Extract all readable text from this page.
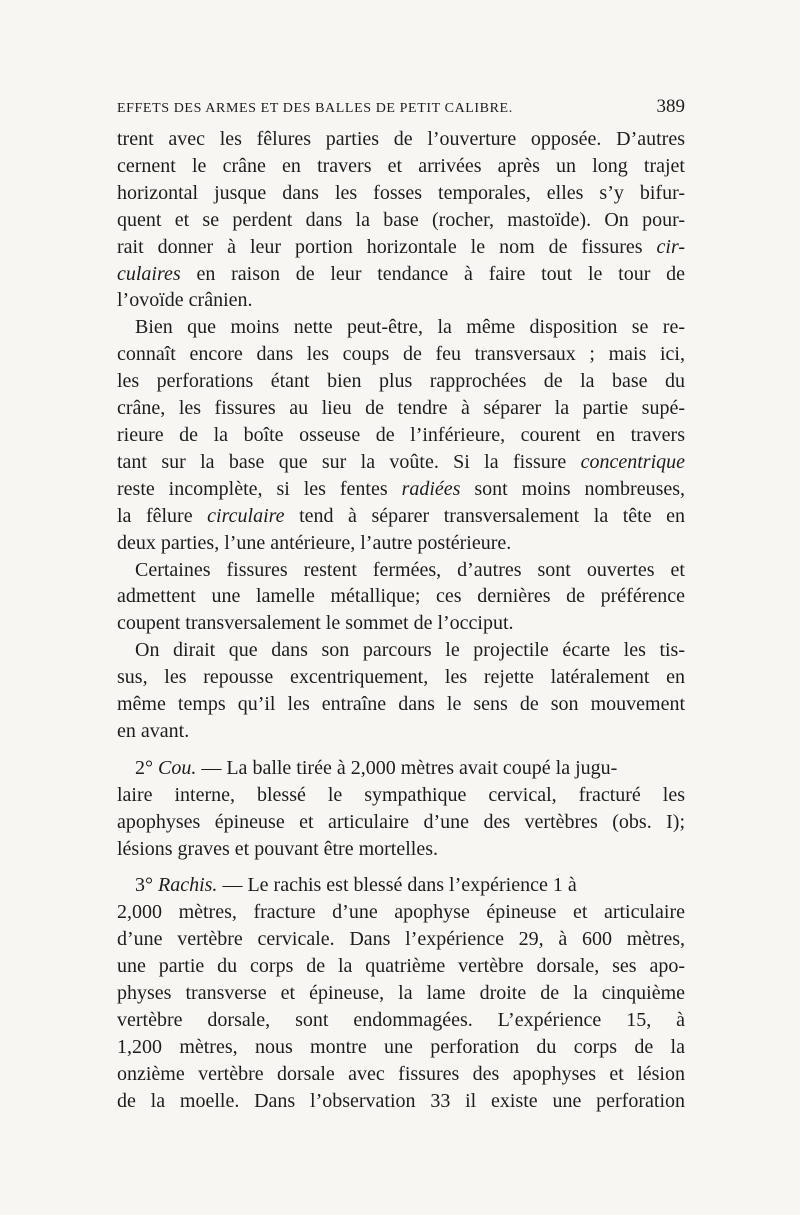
EFFETS DES ARMES ET DES BALLES DE PETIT CALIBRE.	389
trent avec les fêlures parties de l’ouverture opposée. D’autres
cernent le crâne en travers et arrivées après un long trajet
horizontal jusque dans les fosses temporales, elles s’y bifur-
quent et se perdent dans la base (rocher, mastoïde). On pour-
rait donner à leur portion horizontale le nom de fissures cir-
culaires en raison de leur tendance à faire tout le tour de
l’ovoïde crânien.
Bien que moins nette peut-être, la même disposition se re-
connaît encore dans les coups de feu transversaux ; mais ici,
les perforations étant bien plus rapprochées de la base du
crâne, les fissures au lieu de tendre à séparer la partie supé-
rieure de la boîte osseuse de l’inférieure, courent en travers
tant sur la base que sur la voûte. Si la fissure concentrique
reste incomplète, si les fentes radiées sont moins nombreuses,
la fêlure circulaire tend à séparer transversalement la tête en
deux parties, l’une antérieure, l’autre postérieure.
Certaines fissures restent fermées, d’autres sont ouvertes et
admettent une lamelle métallique; ces dernières de préférence
coupent transversalement le sommet de l’occiput.
On dirait que dans son parcours le projectile écarte les tis-
sus, les repousse excentriquement, les rejette latéralement en
même temps qu’il les entraîne dans le sens de son mouvement
en avant.
2° Cou. — La balle tirée à 2,000 mètres avait coupé la jugu-
laire interne, blessé le sympathique cervical, fracturé les
apophyses épineuse et articulaire d’une des vertèbres (obs. I);
lésions graves et pouvant être mortelles.
3° Rachis. — Le rachis est blessé dans l’expérience 1 à
2,000 mètres, fracture d’une apophyse épineuse et articulaire
d’une vertèbre cervicale. Dans l’expérience 29, à 600 mètres,
une partie du corps de la quatrième vertèbre dorsale, ses apo-
physes transverse et épineuse, la lame droite de la cinquième
vertèbre dorsale, sont endommagées. L’expérience 15, à
1,200 mètres, nous montre une perforation du corps de la
onzième vertèbre dorsale avec fissures des apophyses et lésion
de la moelle. Dans l’observation 33 il existe une perforation
